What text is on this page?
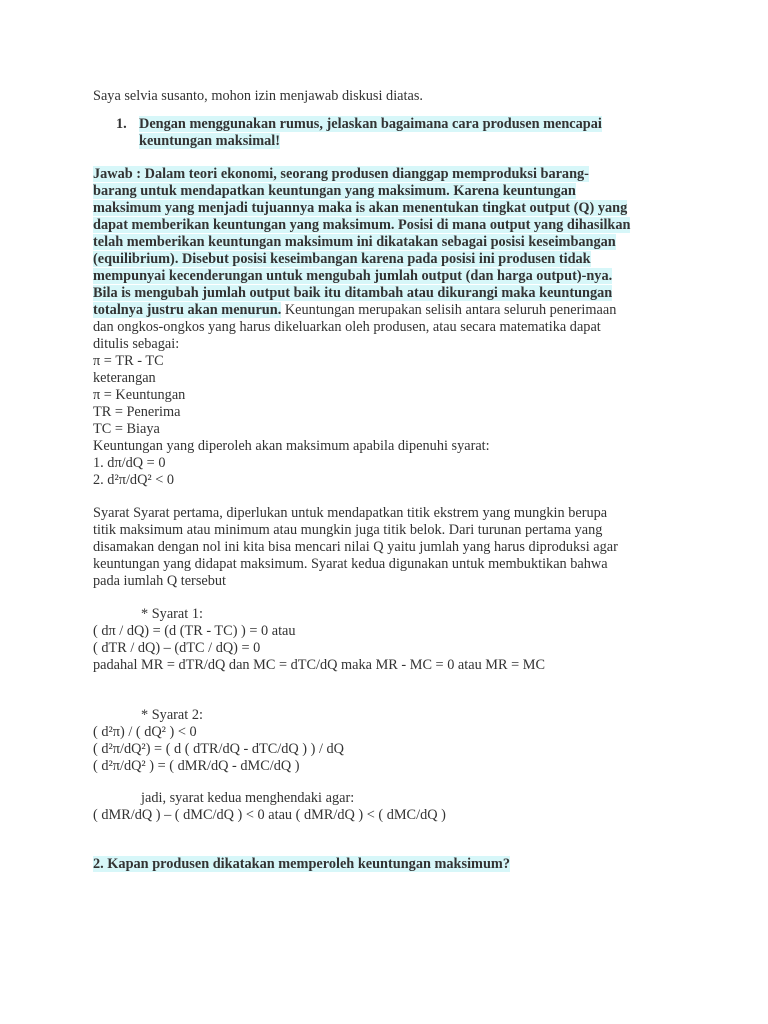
Saya selvia susanto, mohon izin menjawab diskusi diatas.
1. Dengan menggunakan rumus, jelaskan bagaimana cara produsen mencapai
keuntungan maksimal!
Jawab : Dalam teori ekonomi, seorang produsen dianggap memproduksi barang-
barang untuk mendapatkan keuntungan yang maksimum. Karena keuntungan
maksimum yang menjadi tujuannya maka is akan menentukan tingkat output (Q) yang
dapat memberikan keuntungan yang maksimum. Posisi di mana output yang dihasilkan
telah memberikan keuntungan maksimum ini dikatakan sebagai posisi keseimbangan
(equilibrium). Disebut posisi keseimbangan karena pada posisi ini produsen tidak
mempunyai kecenderungan untuk mengubah jumlah output (dan harga output)-nya.
Bila is mengubah jumlah output baik itu ditambah atau dikurangi maka keuntungan
totalnya justru akan menurun. Keuntungan merupakan selisih antara seluruh penerimaan
dan ongkos-ongkos yang harus dikeluarkan oleh produsen, atau secara matematika dapat
ditulis sebagai:
π = TR - TC
keterangan
π = Keuntungan
TR = Penerima
TC = Biaya
Keuntungan yang diperoleh akan maksimum apabila dipenuhi syarat:
1. dπ/dQ = 0
2. d²π/dQ² < 0
Syarat Syarat pertama, diperlukan untuk mendapatkan titik ekstrem yang mungkin berupa
titik maksimum atau minimum atau mungkin juga titik belok. Dari turunan pertama yang
disamakan dengan nol ini kita bisa mencari nilai Q yaitu jumlah yang harus diproduksi agar
keuntungan yang didapat maksimum. Syarat kedua digunakan untuk membuktikan bahwa
pada iumlah Q tersebut
* Syarat 1:
( dπ / dQ) = (d (TR - TC) ) = 0 atau
( dTR / dQ) – (dTC / dQ) = 0
padahal MR = dTR/dQ dan MC = dTC/dQ maka MR - MC = 0 atau MR = MC
* Syarat 2:
( d²π) / ( dQ² ) < 0
( d²π/dQ²) = ( d ( dTR/dQ - dTC/dQ ) ) / dQ
( d²π/dQ² ) = ( dMR/dQ - dMC/dQ )
jadi, syarat kedua menghendaki agar:
( dMR/dQ ) – ( dMC/dQ ) < 0 atau ( dMR/dQ ) < ( dMC/dQ )
2. Kapan produsen dikatakan memperoleh keuntungan maksimum?
